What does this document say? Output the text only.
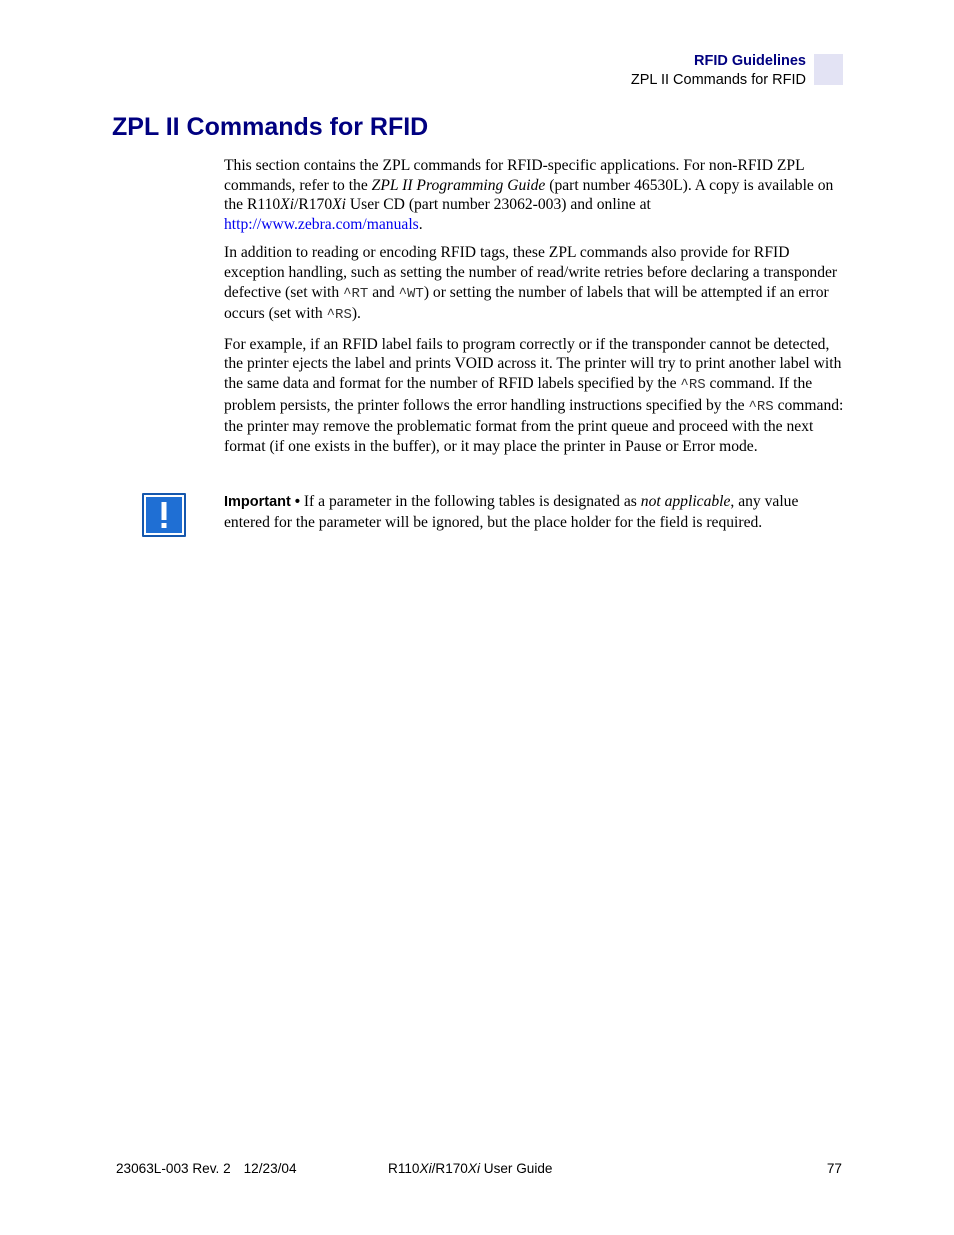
RFID Guidelines
ZPL II Commands for RFID
ZPL II Commands for RFID

This section contains the ZPL commands for RFID-specific applications. For non-RFID ZPL commands, refer to the ZPL II Programming Guide (part number 46530L). A copy is available on the R110Xi/R170Xi User CD (part number 23062-003) and online at http://www.zebra.com/manuals.

In addition to reading or encoding RFID tags, these ZPL commands also provide for RFID exception handling, such as setting the number of read/write retries before declaring a transponder defective (set with ^RT and ^WT) or setting the number of labels that will be attempted if an error occurs (set with ^RS).

For example, if an RFID label fails to program correctly or if the transponder cannot be detected, the printer ejects the label and prints VOID across it. The printer will try to print another label with the same data and format for the number of RFID labels specified by the ^RS command. If the problem persists, the printer follows the error handling instructions specified by the ^RS command: the printer may remove the problematic format from the print queue and proceed with the next format (if one exists in the buffer), or it may place the printer in Pause or Error mode.

Important • If a parameter in the following tables is designated as not applicable, any value entered for the parameter will be ignored, but the place holder for the field is required.
23063L-003 Rev. 2 12/23/04	R110Xi/R170Xi User Guide	77
